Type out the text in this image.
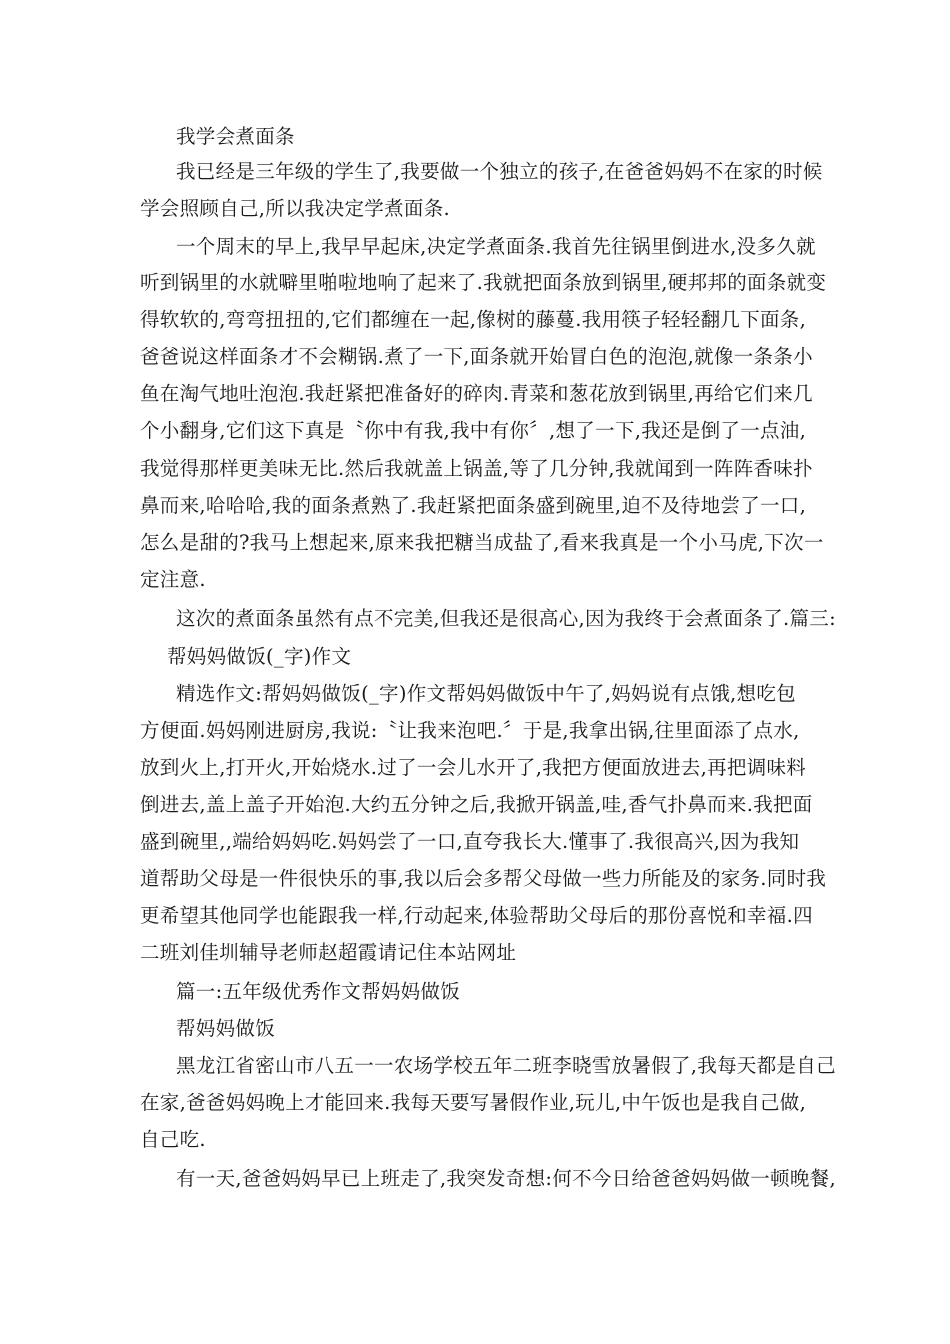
我学会煮面条
我已经是三年级的学生了,我要做一个独立的孩子,在爸爸妈妈不在家的时候
学会照顾自己,所以我决定学煮面条.
一个周末的早上,我早早起床,决定学煮面条.我首先往锅里倒进水,没多久就
听到锅里的水就噼里啪啦地响了起来了.我就把面条放到锅里,硬邦邦的面条就变
得软软的,弯弯扭扭的,它们都缠在一起,像树的藤蔓.我用筷子轻轻翻几下面条,
爸爸说这样面条才不会糊锅.煮了一下,面条就开始冒白色的泡泡,就像一条条小
鱼在淘气地吐泡泡.我赶紧把准备好的碎肉.青菜和葱花放到锅里,再给它们来几
个小翻身,它们这下真是〝你中有我,我中有你〞,想了一下,我还是倒了一点油,
我觉得那样更美味无比.然后我就盖上锅盖,等了几分钟,我就闻到一阵阵香味扑
鼻而来,哈哈哈,我的面条煮熟了.我赶紧把面条盛到碗里,迫不及待地尝了一口,
怎么是甜的?我马上想起来,原来我把糖当成盐了,看来我真是一个小马虎,下次一
定注意.
这次的煮面条虽然有点不完美,但我还是很高心,因为我终于会煮面条了.篇三:
帮妈妈做饭(_字)作文
精选作文:帮妈妈做饭(_字)作文帮妈妈做饭中午了,妈妈说有点饿,想吃包
方便面.妈妈刚进厨房,我说:〝让我来泡吧.〞于是,我拿出锅,往里面添了点水,
放到火上,打开火,开始烧水.过了一会儿水开了,我把方便面放进去,再把调味料
倒进去,盖上盖子开始泡.大约五分钟之后,我掀开锅盖,哇,香气扑鼻而来.我把面
盛到碗里,,端给妈妈吃.妈妈尝了一口,直夸我长大.懂事了.我很高兴,因为我知
道帮助父母是一件很快乐的事,我以后会多帮父母做一些力所能及的家务.同时我
更希望其他同学也能跟我一样,行动起来,体验帮助父母后的那份喜悦和幸福.四
二班刘佳圳辅导老师赵超霞请记住本站网址
篇一:五年级优秀作文帮妈妈做饭
帮妈妈做饭
黑龙江省密山市八五一一农场学校五年二班李晓雪放暑假了,我每天都是自己
在家,爸爸妈妈晚上才能回来.我每天要写暑假作业,玩儿,中午饭也是我自己做,
自己吃.
有一天,爸爸妈妈早已上班走了,我突发奇想:何不今日给爸爸妈妈做一顿晚餐,
